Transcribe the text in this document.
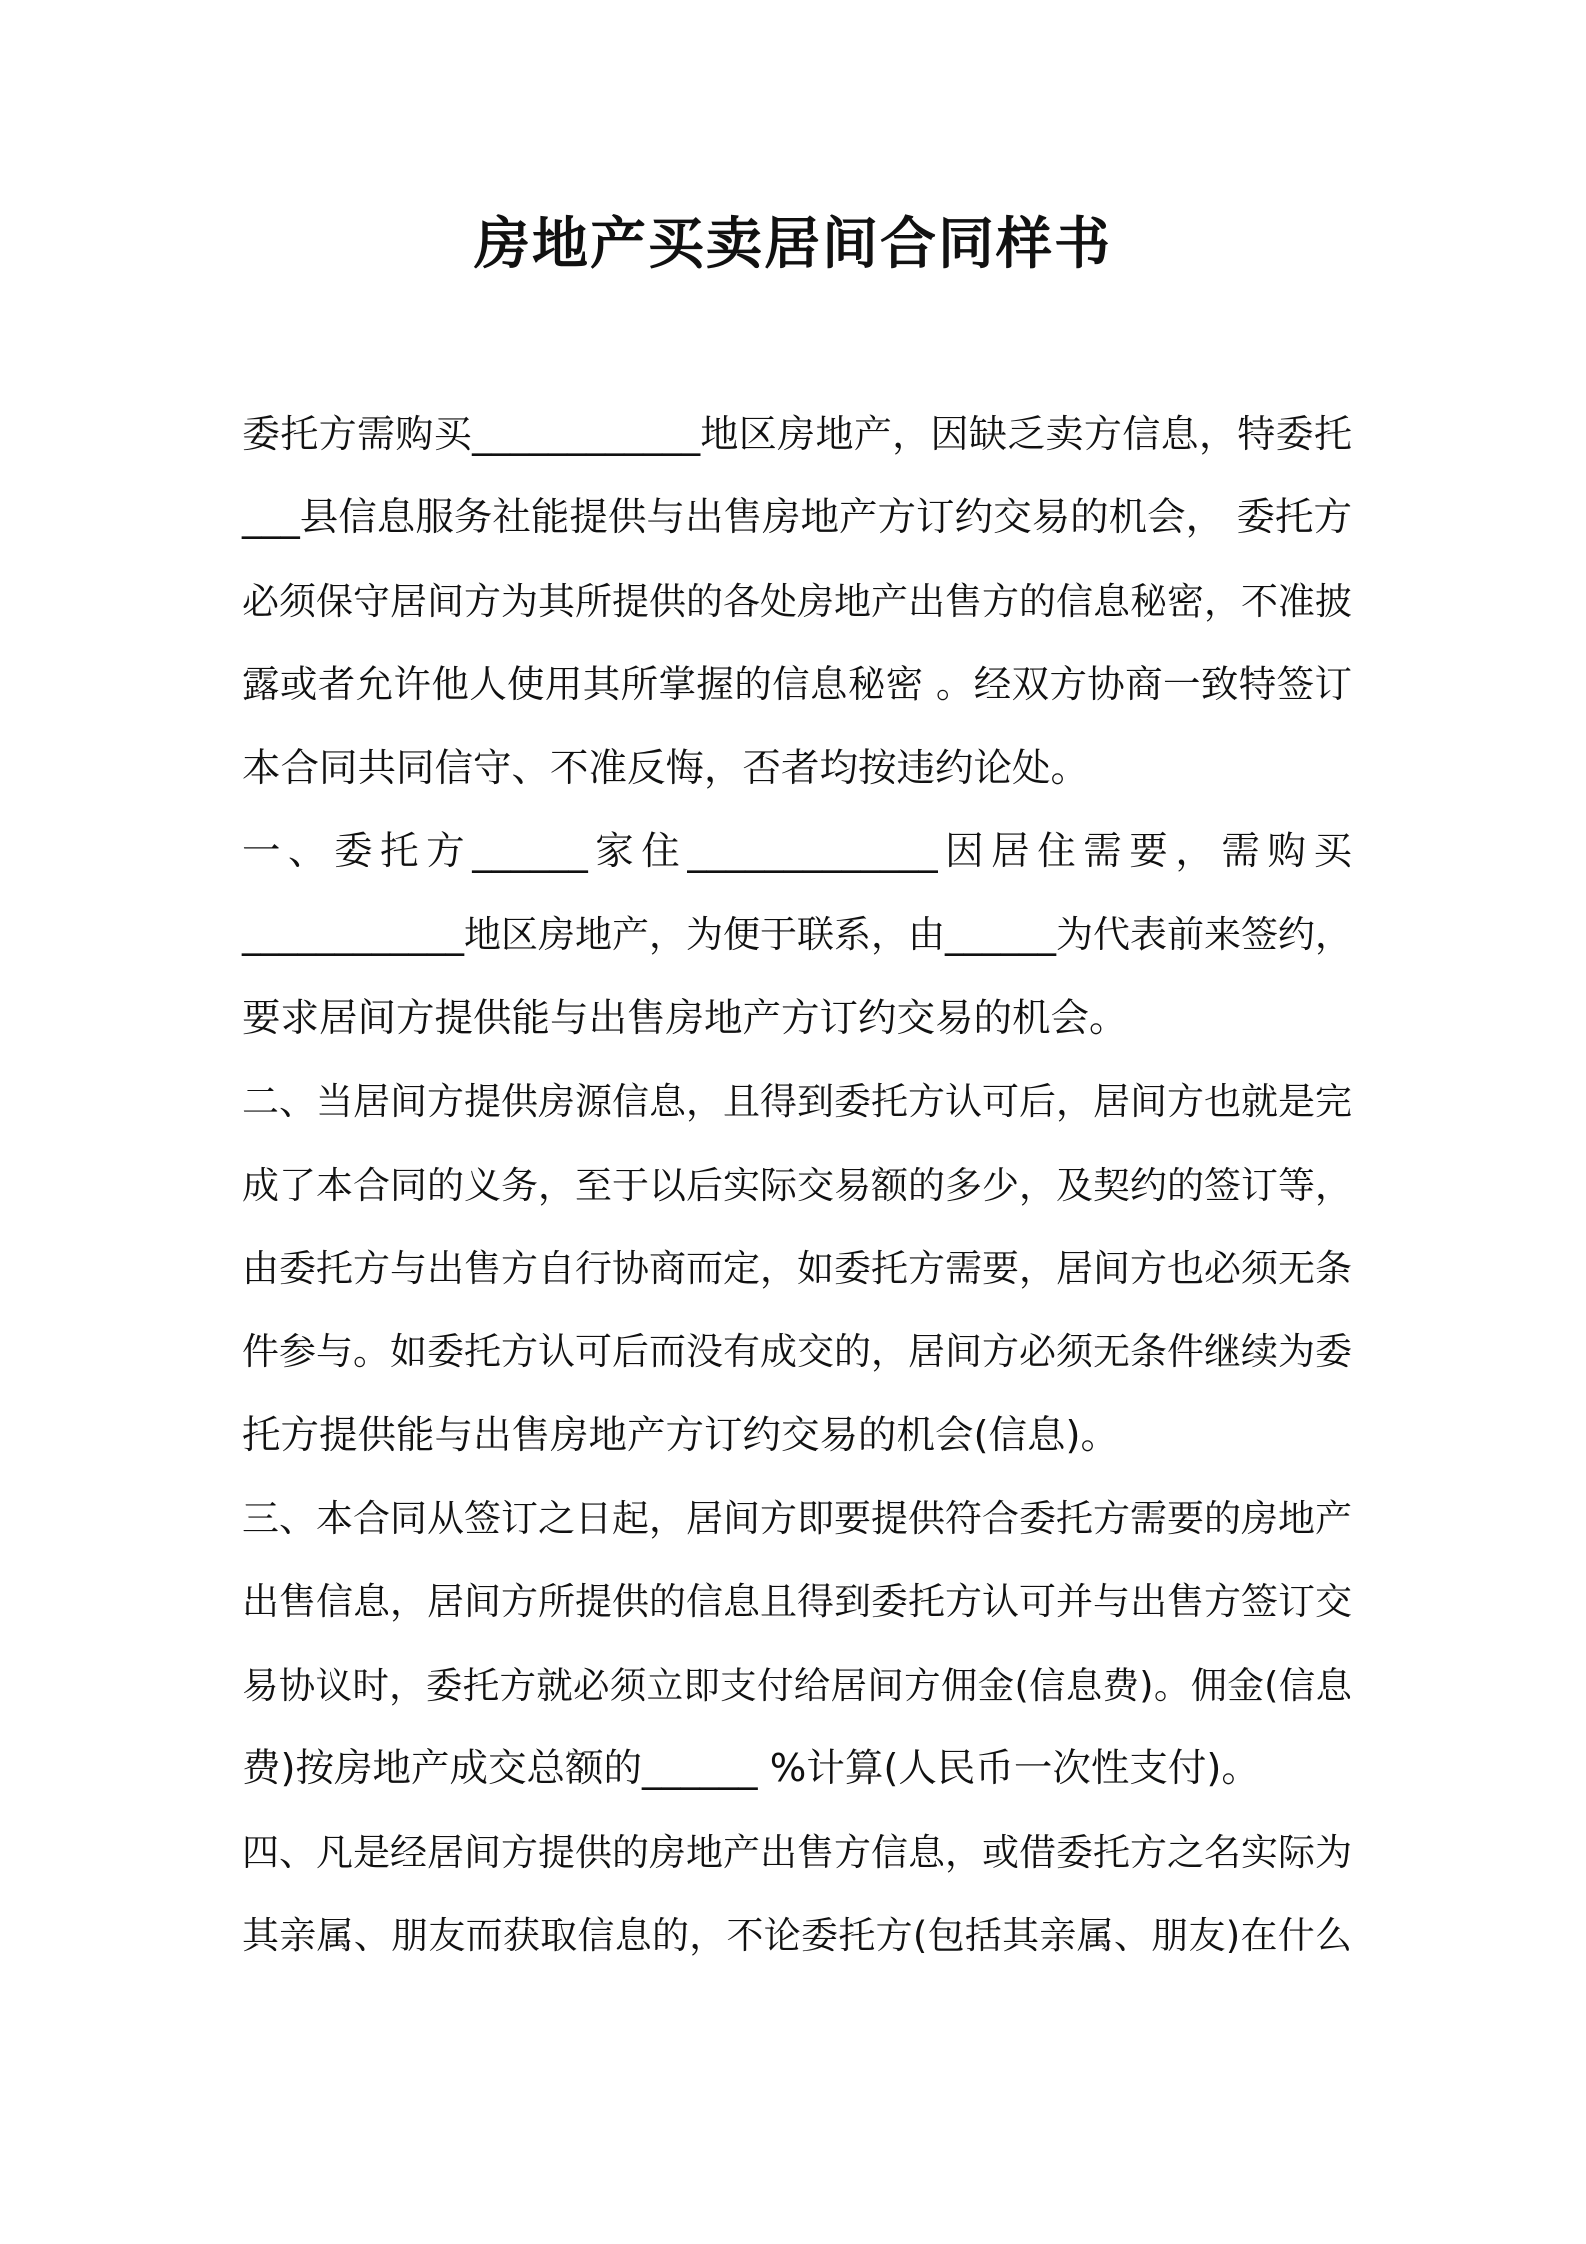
房地产买卖居间合同样书

委托方需购买____________地区房地产，因缺乏卖方信息，特委托

___县信息服务社能提供与出售房地产方订约交易的机会， 委托方

必须保守居间方为其所提供的各处房地产出售方的信息秘密，不准披

露或者允许他人使用其所掌握的信息秘密 。经双方协商一致特签订

本合同共同信守、不准反悔，否者均按违约论处。

一、委托方______家住_____________因居住需要，需购买

____________地区房地产，为便于联系，由______为代表前来签约，

要求居间方提供能与出售房地产方订约交易的机会。

二、当居间方提供房源信息，且得到委托方认可后，居间方也就是完

成了本合同的义务，至于以后实际交易额的多少，及契约的签订等，

由委托方与出售方自行协商而定，如委托方需要，居间方也必须无条

件参与。如委托方认可后而没有成交的，居间方必须无条件继续为委

托方提供能与出售房地产方订约交易的机会(信息)。

三、本合同从签订之日起，居间方即要提供符合委托方需要的房地产

出售信息，居间方所提供的信息且得到委托方认可并与出售方签订交

易协议时，委托方就必须立即支付给居间方佣金(信息费)。佣金(信息

费)按房地产成交总额的______ %计算(人民币一次性支付)。

四、凡是经居间方提供的房地产出售方信息，或借委托方之名实际为

其亲属、朋友而获取信息的，不论委托方(包括其亲属、朋友)在什么
